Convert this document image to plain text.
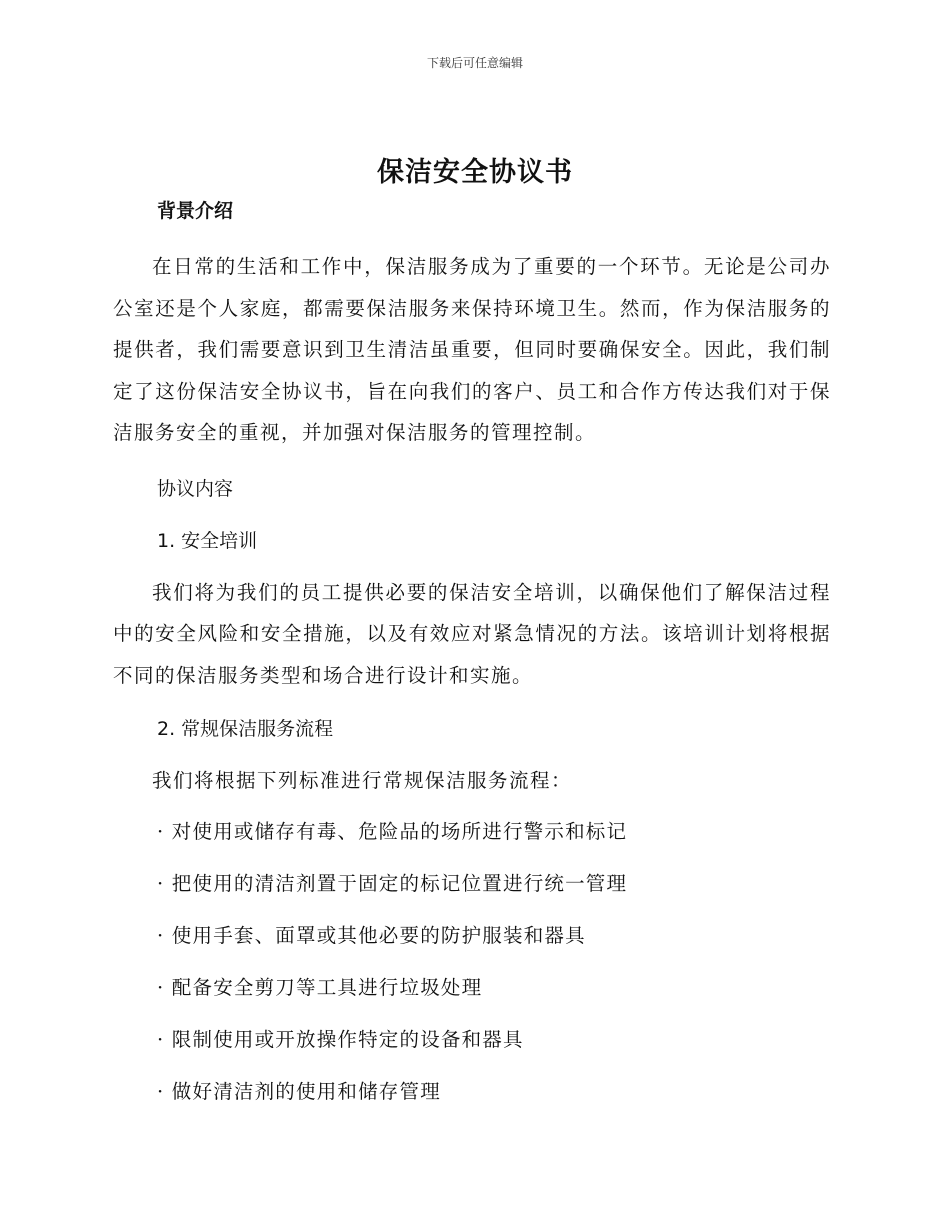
下载后可任意编辑
保洁安全协议书
背景介绍

在日常的生活和工作中，保洁服务成为了重要的一个环节。无论是公司办公室还是个人家庭，都需要保洁服务来保持环境卫生。然而，作为保洁服务的提供者，我们需要意识到卫生清洁虽重要，但同时要确保安全。因此，我们制定了这份保洁安全协议书，旨在向我们的客户、员工和合作方传达我们对于保洁服务安全的重视，并加强对保洁服务的管理控制。

协议内容
1. 安全培训

我们将为我们的员工提供必要的保洁安全培训，以确保他们了解保洁过程中的安全风险和安全措施，以及有效应对紧急情况的方法。该培训计划将根据不同的保洁服务类型和场合进行设计和实施。

2. 常规保洁服务流程

我们将根据下列标准进行常规保洁服务流程：

· 对使用或储存有毒、危险品的场所进行警示和标记

· 把使用的清洁剂置于固定的标记位置进行统一管理

· 使用手套、面罩或其他必要的防护服装和器具

· 配备安全剪刀等工具进行垃圾处理

· 限制使用或开放操作特定的设备和器具

· 做好清洁剂的使用和储存管理
